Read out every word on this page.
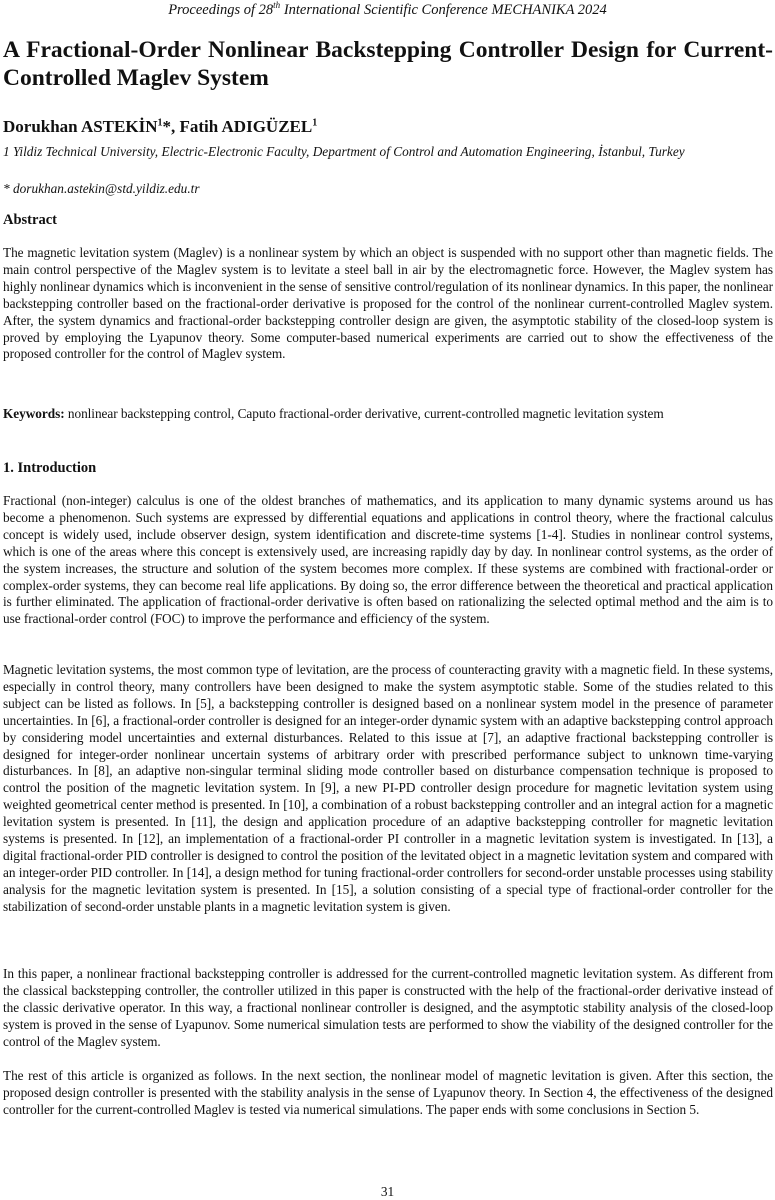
Proceedings of 28th International Scientific Conference MECHANIKA 2024
A Fractional-Order Nonlinear Backstepping Controller Design for Current-Controlled Maglev System

Dorukhan ASTEKİN$^1$*, Fatih ADIGÜZEL$^1$

1 Yildiz Technical University, Electric-Electronic Faculty, Department of Control and Automation Engineering, İstanbul, Turkey

* dorukhan.astekin@std.yildiz.edu.tr

Abstract

The magnetic levitation system (Maglev) is a nonlinear system by which an object is suspended with no support other than magnetic fields. The main control perspective of the Maglev system is to levitate a steel ball in air by the electromagnetic force. However, the Maglev system has highly nonlinear dynamics which is inconvenient in the sense of sensitive control/regulation of its nonlinear dynamics. In this paper, the nonlinear backstepping controller based on the fractional-order derivative is proposed for the control of the nonlinear current-controlled Maglev system. After, the system dynamics and fractional-order backstepping controller design are given, the asymptotic stability of the closed-loop system is proved by employing the Lyapunov theory. Some computer-based numerical experiments are carried out to show the effectiveness of the proposed controller for the control of Maglev system.

Keywords: nonlinear backstepping control, Caputo fractional-order derivative, current-controlled magnetic levitation system

1. Introduction

Fractional (non-integer) calculus is one of the oldest branches of mathematics, and its application to many dynamic systems around us has become a phenomenon. Such systems are expressed by differential equations and applications in control theory, where the fractional calculus concept is widely used, include observer design, system identification and discrete-time systems [1-4]. Studies in nonlinear control systems, which is one of the areas where this concept is extensively used, are increasing rapidly day by day. In nonlinear control systems, as the order of the system increases, the structure and solution of the system becomes more complex. If these systems are combined with fractional-order or complex-order systems, they can become real life applications. By doing so, the error difference between the theoretical and practical application is further eliminated. The application of fractional-order derivative is often based on rationalizing the selected optimal method and the aim is to use fractional-order control (FOC) to improve the performance and efficiency of the system.

Magnetic levitation systems, the most common type of levitation, are the process of counteracting gravity with a magnetic field. In these systems, especially in control theory, many controllers have been designed to make the system asymptotic stable. Some of the studies related to this subject can be listed as follows. In [5], a backstepping controller is designed based on a nonlinear system model in the presence of parameter uncertainties. In [6], a fractional-order controller is designed for an integer-order dynamic system with an adaptive backstepping control approach by considering model uncertainties and external disturbances. Related to this issue at [7], an adaptive fractional backstepping controller is designed for integer-order nonlinear uncertain systems of arbitrary order with prescribed performance subject to unknown time-varying disturbances. In [8], an adaptive non-singular terminal sliding mode controller based on disturbance compensation technique is proposed to control the position of the magnetic levitation system. In [9], a new PI-PD controller design procedure for magnetic levitation system using weighted geometrical center method is presented. In [10], a combination of a robust backstepping controller and an integral action for a magnetic levitation system is presented. In [11], the design and application procedure of an adaptive backstepping controller for magnetic levitation systems is presented. In [12], an implementation of a fractional-order PI controller in a magnetic levitation system is investigated. In [13], a digital fractional-order PID controller is designed to control the position of the levitated object in a magnetic levitation system and compared with an integer-order PID controller. In [14], a design method for tuning fractional-order controllers for second-order unstable processes using stability analysis for the magnetic levitation system is presented. In [15], a solution consisting of a special type of fractional-order controller for the stabilization of second-order unstable plants in a magnetic levitation system is given.

In this paper, a nonlinear fractional backstepping controller is addressed for the current-controlled magnetic levitation system. As different from the classical backstepping controller, the controller utilized in this paper is constructed with the help of the fractional-order derivative instead of the classic derivative operator. In this way, a fractional nonlinear controller is designed, and the asymptotic stability analysis of the closed-loop system is proved in the sense of Lyapunov. Some numerical simulation tests are performed to show the viability of the designed controller for the control of the Maglev system.

The rest of this article is organized as follows. In the next section, the nonlinear model of magnetic levitation is given. After this section, the proposed design controller is presented with the stability analysis in the sense of Lyapunov theory. In Section 4, the effectiveness of the designed controller for the current-controlled Maglev is tested via numerical simulations. The paper ends with some conclusions in Section 5.

31
